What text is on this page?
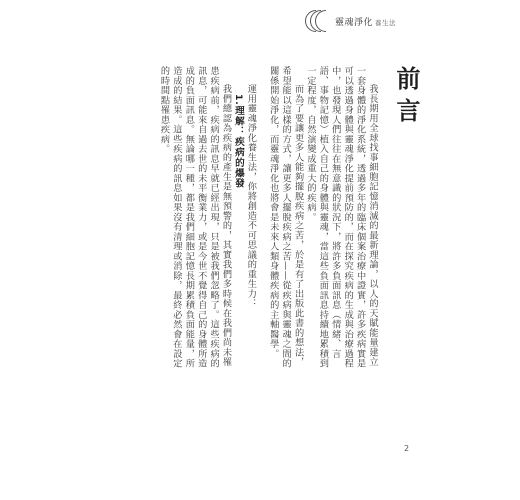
靈魂淨化 養生法
前言

我長期用全球找事細胞記憶消滅的最新理論，以人的天賦能量建立一套身體的淨化系統，透過多年的臨床個案治療中證實，許多疾病實是可以透過身體與靈魂淨化提前預防的，而在探究疾病的生成與治療過程中，也發現人們往往在無意識的狀況下，將許多負面訊息（情緒、言語、事物記憶）植入自己的身體與靈魂，當這些負面訊息持續地累積到一定程度，自然演變成重大的疾病。

而為了要讓更多人能夠擺脫疾病之苦，於是有了出版此書的想法，希望能以這樣的方式，讓更多人擺脫疾病之苦——從疾病與靈魂之間的關係開始淨化，而靈魂淨化也將會是未來人類身體疾病的主軸醫學。

運用靈魂淨化養生法，你將創造不可思議的重生力：

1.理解：疾病的爆發

我們總認為疾病的產生是無預警的，其實我們多時候在我們尚未罹患疾病前，疾病的訊息早就已經出現，只是被我們忽略了。這些疾病的訊息，可能來自過去世的未平衡業力，或是今世不覺得自己的身體所造成的負面訊息。無論哪一種，都是我們細胞記憶長期累積負面能量，所造成的結果。這些疾病的訊息如果沒有清理或消除，最終必然會在設定的時間點罹患疾病。

2
